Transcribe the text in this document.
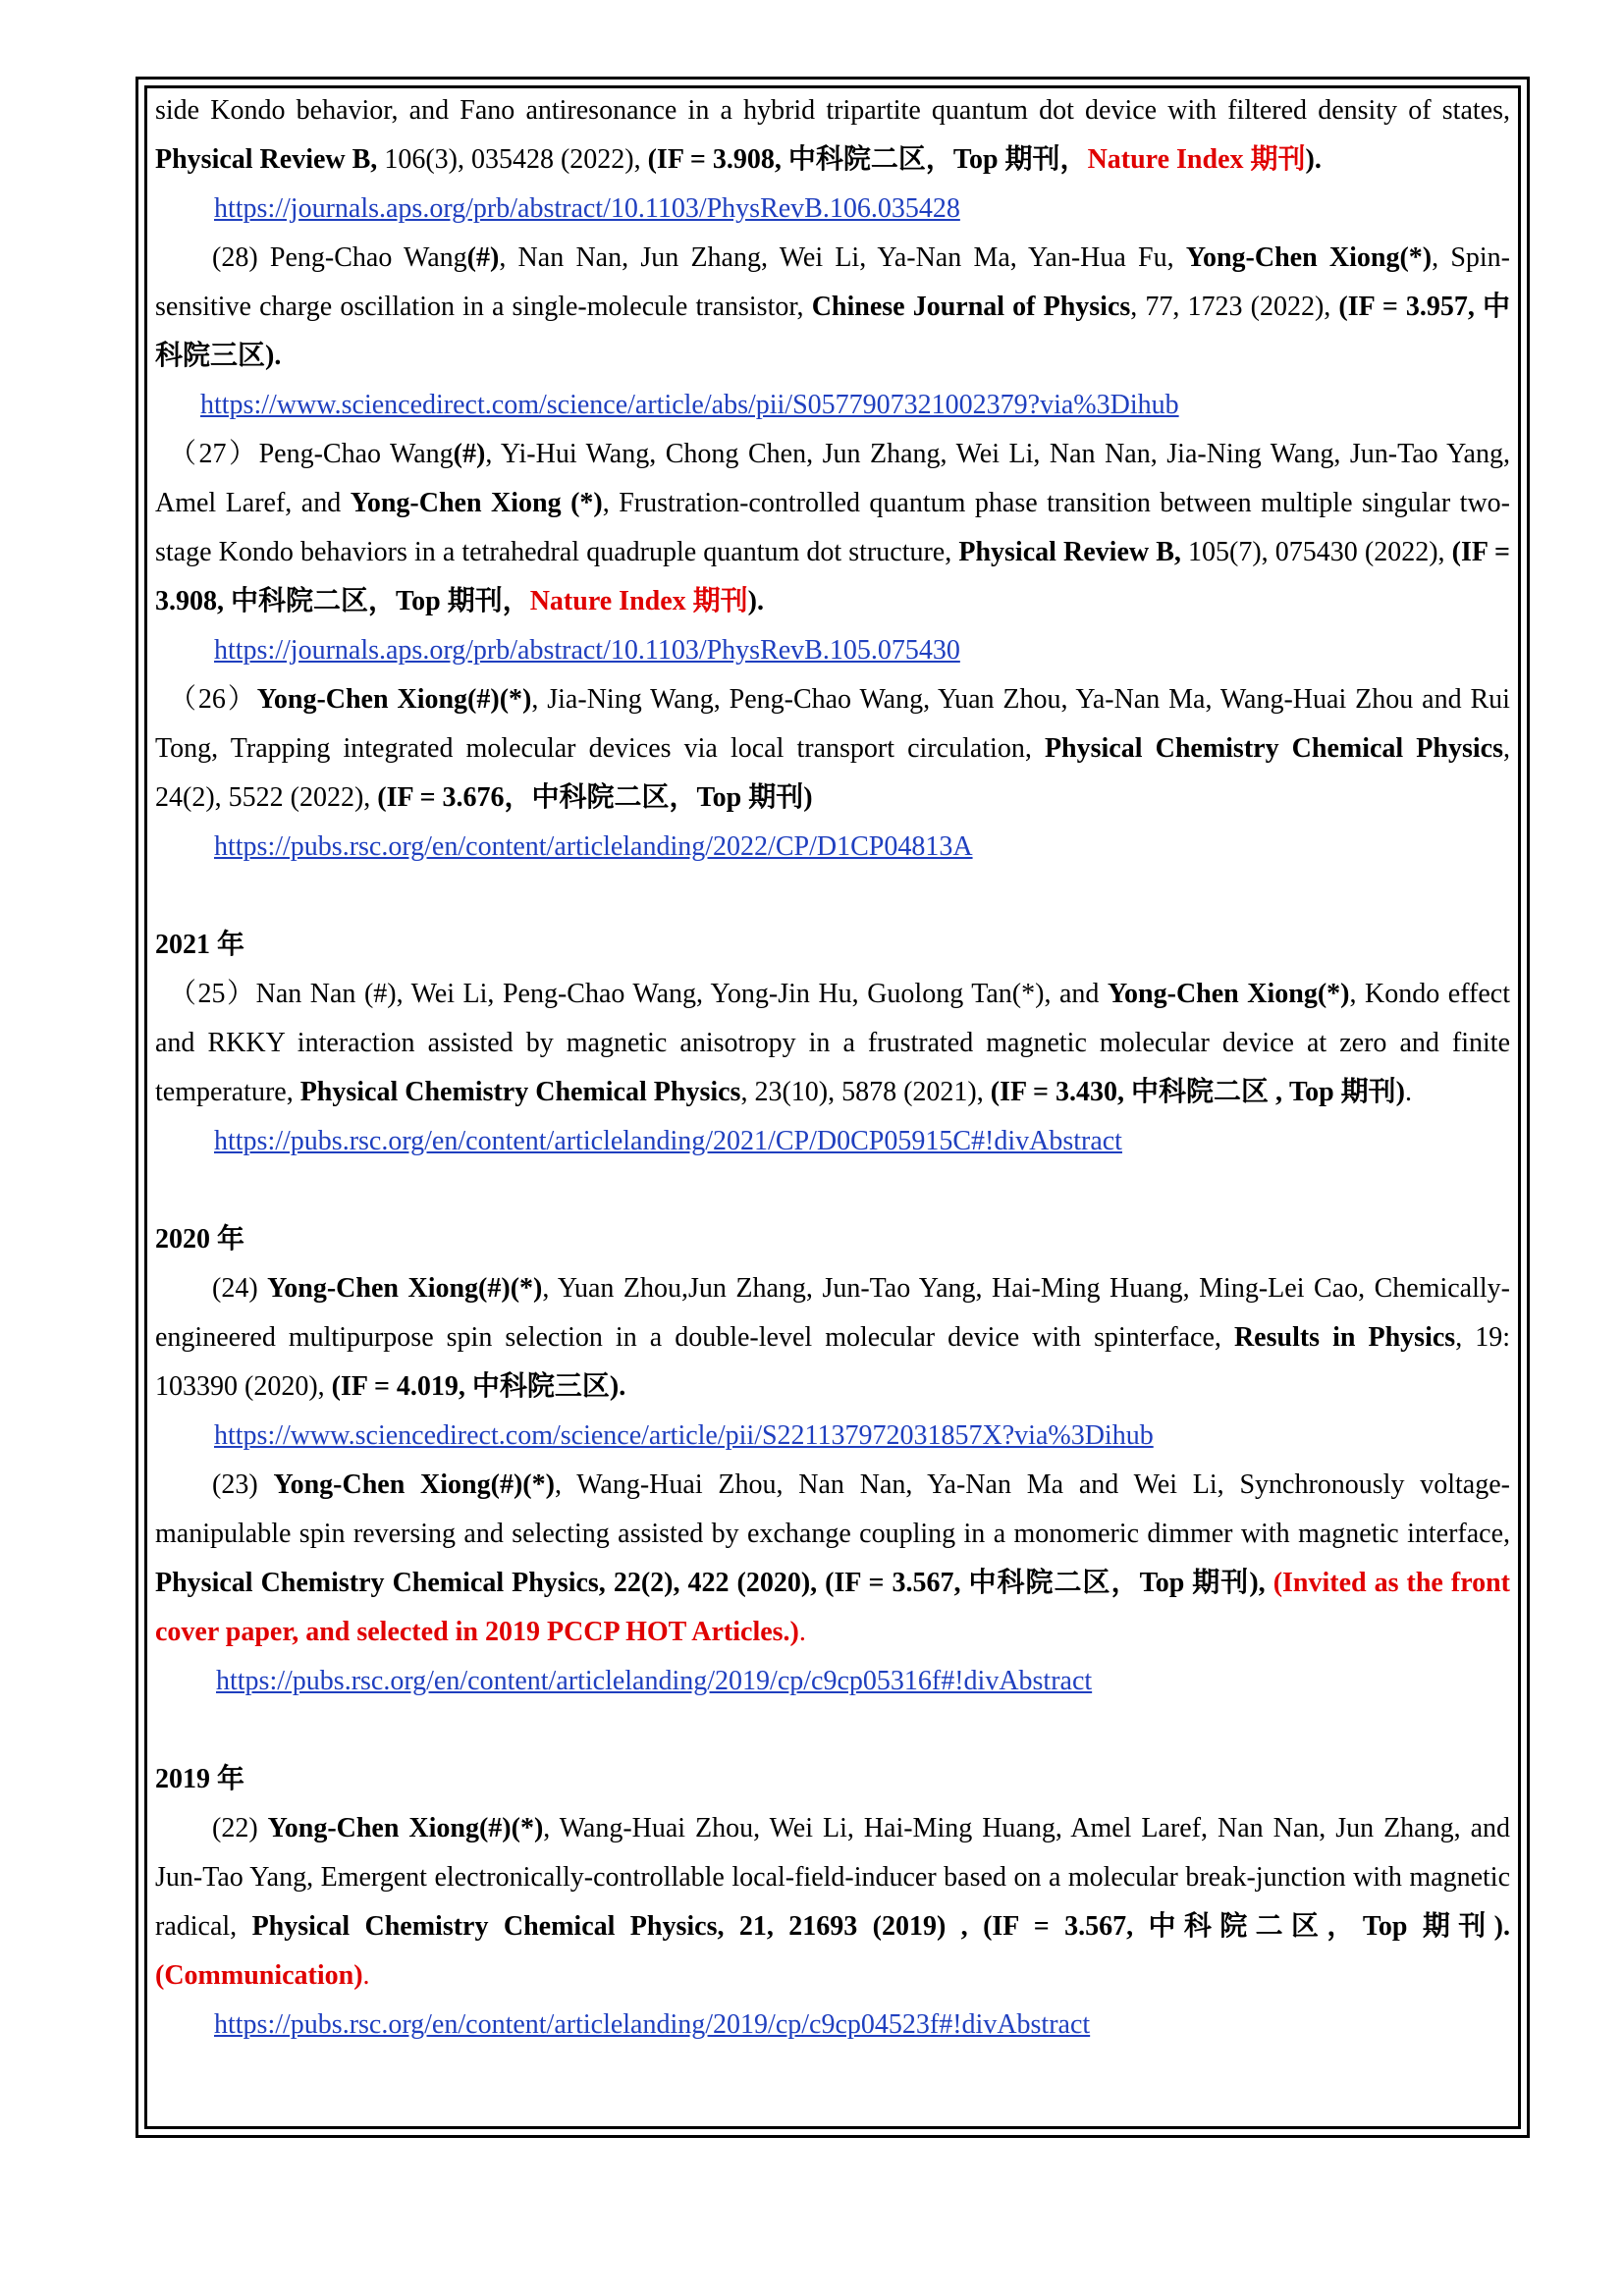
side Kondo behavior, and Fano antiresonance in a hybrid tripartite quantum dot device with filtered density of states, Physical Review B, 106(3), 035428 (2022), (IF = 3.908, 中科院二区，Top 期刊，Nature Index 期刊).

https://journals.aps.org/prb/abstract/10.1103/PhysRevB.106.035428

(28) Peng-Chao Wang(#), Nan Nan, Jun Zhang, Wei Li, Ya-Nan Ma, Yan-Hua Fu, Yong-Chen Xiong(*), Spin-sensitive charge oscillation in a single-molecule transistor, Chinese Journal of Physics, 77, 1723 (2022), (IF = 3.957, 中科院三区).

https://www.sciencedirect.com/science/article/abs/pii/S0577907321002379?via%3Dihub

（27）Peng-Chao Wang(#), Yi-Hui Wang, Chong Chen, Jun Zhang, Wei Li, Nan Nan, Jia-Ning Wang, Jun-Tao Yang, Amel Laref, and Yong-Chen Xiong (*), Frustration-controlled quantum phase transition between multiple singular two-stage Kondo behaviors in a tetrahedral quadruple quantum dot structure, Physical Review B, 105(7), 075430 (2022), (IF = 3.908, 中科院二区，Top 期刊，Nature Index 期刊).

https://journals.aps.org/prb/abstract/10.1103/PhysRevB.105.075430

（26）Yong-Chen Xiong(#)(*), Jia-Ning Wang, Peng-Chao Wang, Yuan Zhou, Ya-Nan Ma, Wang-Huai Zhou and Rui Tong, Trapping integrated molecular devices via local transport circulation, Physical Chemistry Chemical Physics, 24(2), 5522 (2022), (IF = 3.676，中科院二区，Top 期刊)

https://pubs.rsc.org/en/content/articlelanding/2022/CP/D1CP04813A

2021 年

（25）Nan Nan (#), Wei Li, Peng-Chao Wang, Yong-Jin Hu, Guolong Tan(*), and Yong-Chen Xiong(*), Kondo effect and RKKY interaction assisted by magnetic anisotropy in a frustrated magnetic molecular device at zero and finite temperature, Physical Chemistry Chemical Physics, 23(10), 5878 (2021), (IF = 3.430, 中科院二区 , Top 期刊).

https://pubs.rsc.org/en/content/articlelanding/2021/CP/D0CP05915C#!divAbstract

2020 年

(24) Yong-Chen Xiong(#)(*), Yuan Zhou,Jun Zhang, Jun-Tao Yang, Hai-Ming Huang, Ming-Lei Cao, Chemically-engineered multipurpose spin selection in a double-level molecular device with spinterface, Results in Physics, 19: 103390 (2020), (IF = 4.019, 中科院三区).

https://www.sciencedirect.com/science/article/pii/S221137972031857X?via%3Dihub

(23) Yong-Chen Xiong(#)(*), Wang-Huai Zhou, Nan Nan, Ya-Nan Ma and Wei Li, Synchronously voltage-manipulable spin reversing and selecting assisted by exchange coupling in a monomeric dimmer with magnetic interface, Physical Chemistry Chemical Physics, 22(2), 422 (2020), (IF = 3.567, 中科院二区，Top 期刊), (Invited as the front cover paper, and selected in 2019 PCCP HOT Articles.).

https://pubs.rsc.org/en/content/articlelanding/2019/cp/c9cp05316f#!divAbstract

2019 年

(22) Yong-Chen Xiong(#)(*), Wang-Huai Zhou, Wei Li, Hai-Ming Huang, Amel Laref, Nan Nan, Jun Zhang, and Jun-Tao Yang, Emergent electronically-controllable local-field-inducer based on a molecular break-junction with magnetic radical, Physical Chemistry Chemical Physics, 21, 21693 (2019) , (IF = 3.567, 中科院二区，Top 期刊). (Communication).

https://pubs.rsc.org/en/content/articlelanding/2019/cp/c9cp04523f#!divAbstract
